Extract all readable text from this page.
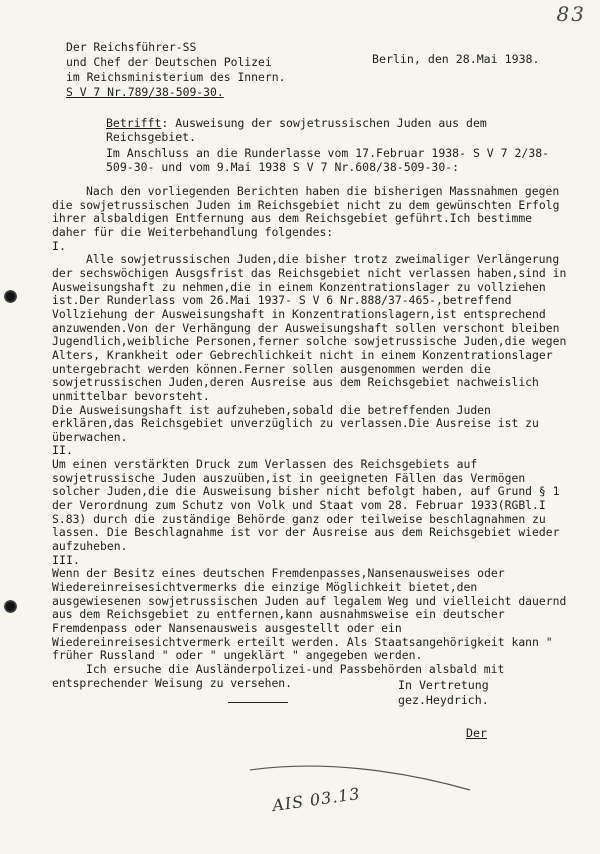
83
Der Reichsführer-SS
und Chef der Deutschen Polizei
im Reichsministerium des Innern.
S V 7 Nr.789/38-509-30.
Berlin, den 28.Mai 1938.
Betrifft: Ausweisung der sowjetrussischen Juden aus dem Reichsgebiet.
Im Anschluss an die Runderlasse vom 17.Februar 1938- S V 7 2/38-509-30- und vom 9.Mai 1938 S V 7 Nr.608/38-509-30-:

Nach den vorliegenden Berichten haben die bisherigen Massnahmen gegen die sowjetrussischen Juden im Reichsgebiet nicht zu dem gewünschten Erfolg ihrer alsbaldigen Entfernung aus dem Reichsgebiet geführt.Ich bestimme daher für die Weiterbehandlung folgendes:

I.

Alle sowjetrussischen Juden,die bisher trotz zweimaliger Verlängerung der sechswöchigen Ausgsfrist das Reichsgebiet nicht verlassen haben,sind in Ausweisungshaft zu nehmen,die in einem Konzentrationslager zu vollziehen ist.Der Runderlass vom 26.Mai 1937- S V 6 Nr.888/37-465-,betreffend Vollziehung der Ausweisungshaft in Konzentrationslagern,ist entsprechend anzuwenden.Von der Verhängung der Ausweisungshaft sollen verschont bleiben Jugendlich,weibliche Personen,ferner solche sowjetrussische Juden,die wegen Alters, Krankheit oder Gebrechlichkeit nicht in einem Konzentrationslager untergebracht werden können.Ferner sollen ausgenommen werden die sowjetrussischen Juden,deren Ausreise aus dem Reichsgebiet nachweislich unmittelbar bevorsteht.

Die Ausweisungshaft ist aufzuheben,sobald die betreffenden Juden erklären,das Reichsgebiet unverzüglich zu verlassen.Die Ausreise ist zu überwachen.

II.

Um einen verstärkten Druck zum Verlassen des Reichsgebiets auf sowjetrussische Juden auszuüben,ist in geeigneten Fällen das Vermögen solcher Juden,die die Ausweisung bisher nicht befolgt haben, auf Grund § 1 der Verordnung zum Schutz von Volk und Staat vom 28. Februar 1933(RGBl.I S.83) durch die zuständige Behörde ganz oder teilweise beschlagnahmen zu lassen. Die Beschlagnahme ist vor der Ausreise aus dem Reichsgebiet wieder aufzuheben.

III.

Wenn der Besitz eines deutschen Fremdenpasses,Nansenausweises oder Wiedereinreisesichtvermerks die einzige Möglichkeit bietet,den ausgewiesenen sowjetrussischen Juden auf legalem Weg und vielleicht dauernd aus dem Reichsgebiet zu entfernen,kann ausnahmsweise ein deutscher Fremdenpass oder Nansenausweis ausgestellt oder ein Wiedereinreisesichtvermerk erteilt werden. Als Staatsangehörigkeit kann " früher Russland " oder " ungeklärt " angegeben werden.

Ich ersuche die Ausländerpolizei-und Passbehörden alsbald mit entsprechender Weisung zu versehen.	In Vertretung
gez.Heydrich.
Der
AIS 03.13
